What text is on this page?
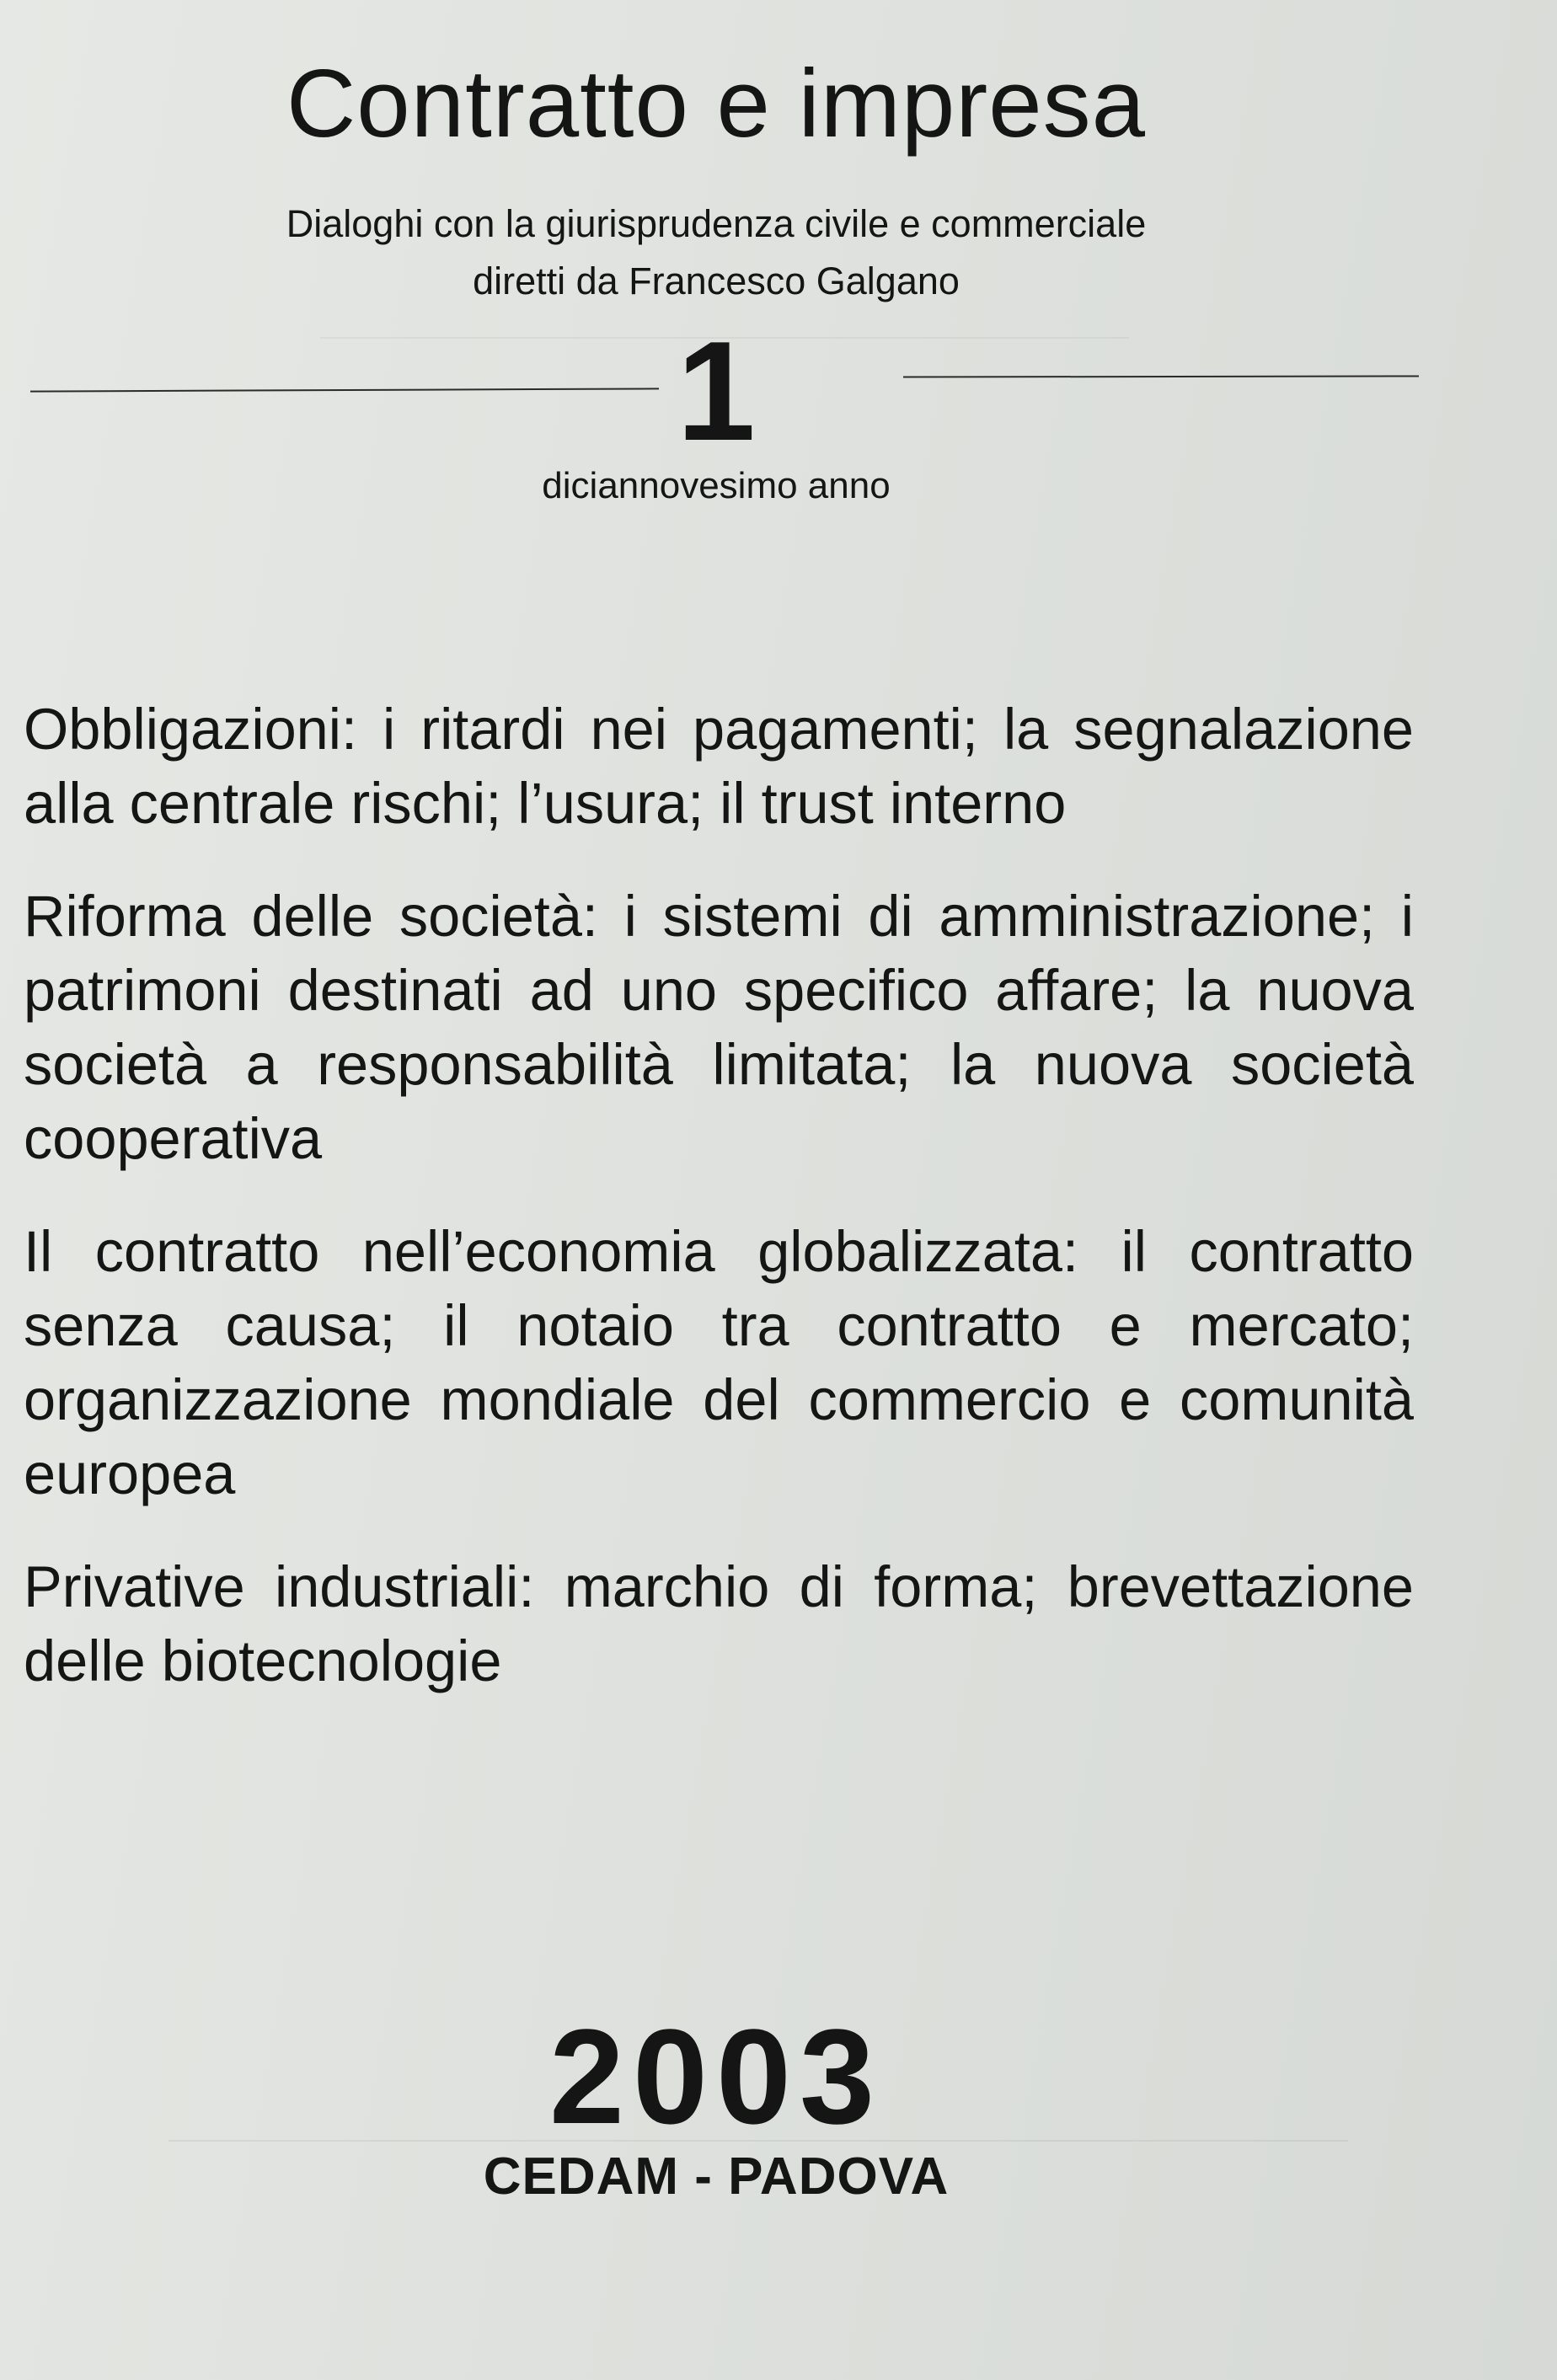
Contratto e impresa
Dialoghi con la giurisprudenza civile e commerciale
diretti da Francesco Galgano
1
diciannovesimo anno

Obbligazioni: i ritardi nei pagamenti; la segnalazione alla centrale rischi; l’usura; il trust interno

Riforma delle società: i sistemi di amministrazione; i patrimoni destinati ad uno specifico affare; la nuova società a responsabilità limitata; la nuova società cooperativa

Il contratto nell’economia globalizzata: il contratto senza causa; il notaio tra contratto e mercato; organizzazione mondiale del commercio e comunità europea

Privative industriali: marchio di forma; brevettazione delle biotecnologie

2003
CEDAM - PADOVA
